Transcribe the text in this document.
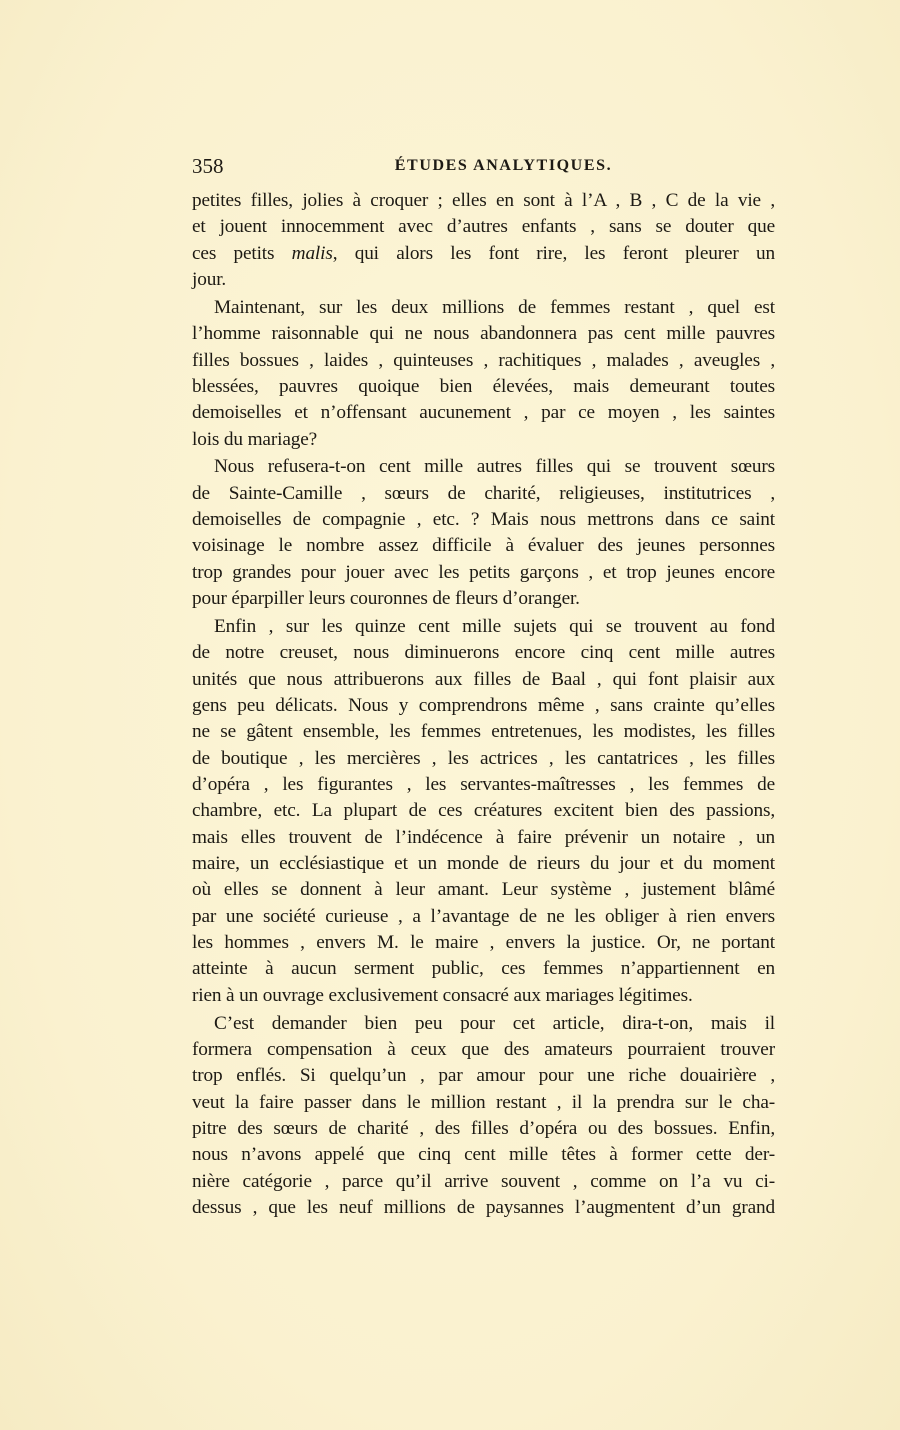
358	ÉTUDES ANALYTIQUES.
petites filles, jolies à croquer ; elles en sont à l’A , B , C de la vie ,
et jouent innocemment avec d’autres enfants , sans se douter que
ces petits malis, qui alors les font rire, les feront pleurer un
jour.
Maintenant, sur les deux millions de femmes restant , quel est
l’homme raisonnable qui ne nous abandonnera pas cent mille pauvres
filles bossues , laides , quinteuses , rachitiques , malades , aveugles ,
blessées, pauvres quoique bien élevées, mais demeurant toutes
demoiselles et n’offensant aucunement , par ce moyen , les saintes
lois du mariage?
Nous refusera-t-on cent mille autres filles qui se trouvent sœurs
de Sainte-Camille , sœurs de charité, religieuses, institutrices ,
demoiselles de compagnie , etc. ? Mais nous mettrons dans ce saint
voisinage le nombre assez difficile à évaluer des jeunes personnes
trop grandes pour jouer avec les petits garçons , et trop jeunes encore
pour éparpiller leurs couronnes de fleurs d’oranger.
Enfin , sur les quinze cent mille sujets qui se trouvent au fond
de notre creuset, nous diminuerons encore cinq cent mille autres
unités que nous attribuerons aux filles de Baal , qui font plaisir aux
gens peu délicats. Nous y comprendrons même , sans crainte qu’elles
ne se gâtent ensemble, les femmes entretenues, les modistes, les filles
de boutique , les mercières , les actrices , les cantatrices , les filles
d’opéra , les figurantes , les servantes-maîtresses , les femmes de
chambre, etc. La plupart de ces créatures excitent bien des passions,
mais elles trouvent de l’indécence à faire prévenir un notaire , un
maire, un ecclésiastique et un monde de rieurs du jour et du moment
où elles se donnent à leur amant. Leur système , justement blâmé
par une société curieuse , a l’avantage de ne les obliger à rien envers
les hommes , envers M. le maire , envers la justice. Or, ne portant
atteinte à aucun serment public, ces femmes n’appartiennent en
rien à un ouvrage exclusivement consacré aux mariages légitimes.
C’est demander bien peu pour cet article, dira-t-on, mais il
formera compensation à ceux que des amateurs pourraient trouver
trop enflés. Si quelqu’un , par amour pour une riche douairière ,
veut la faire passer dans le million restant , il la prendra sur le cha-
pitre des sœurs de charité , des filles d’opéra ou des bossues. Enfin,
nous n’avons appelé que cinq cent mille têtes à former cette der-
nière catégorie , parce qu’il arrive souvent , comme on l’a vu ci-
dessus , que les neuf millions de paysannes l’augmentent d’un grand
